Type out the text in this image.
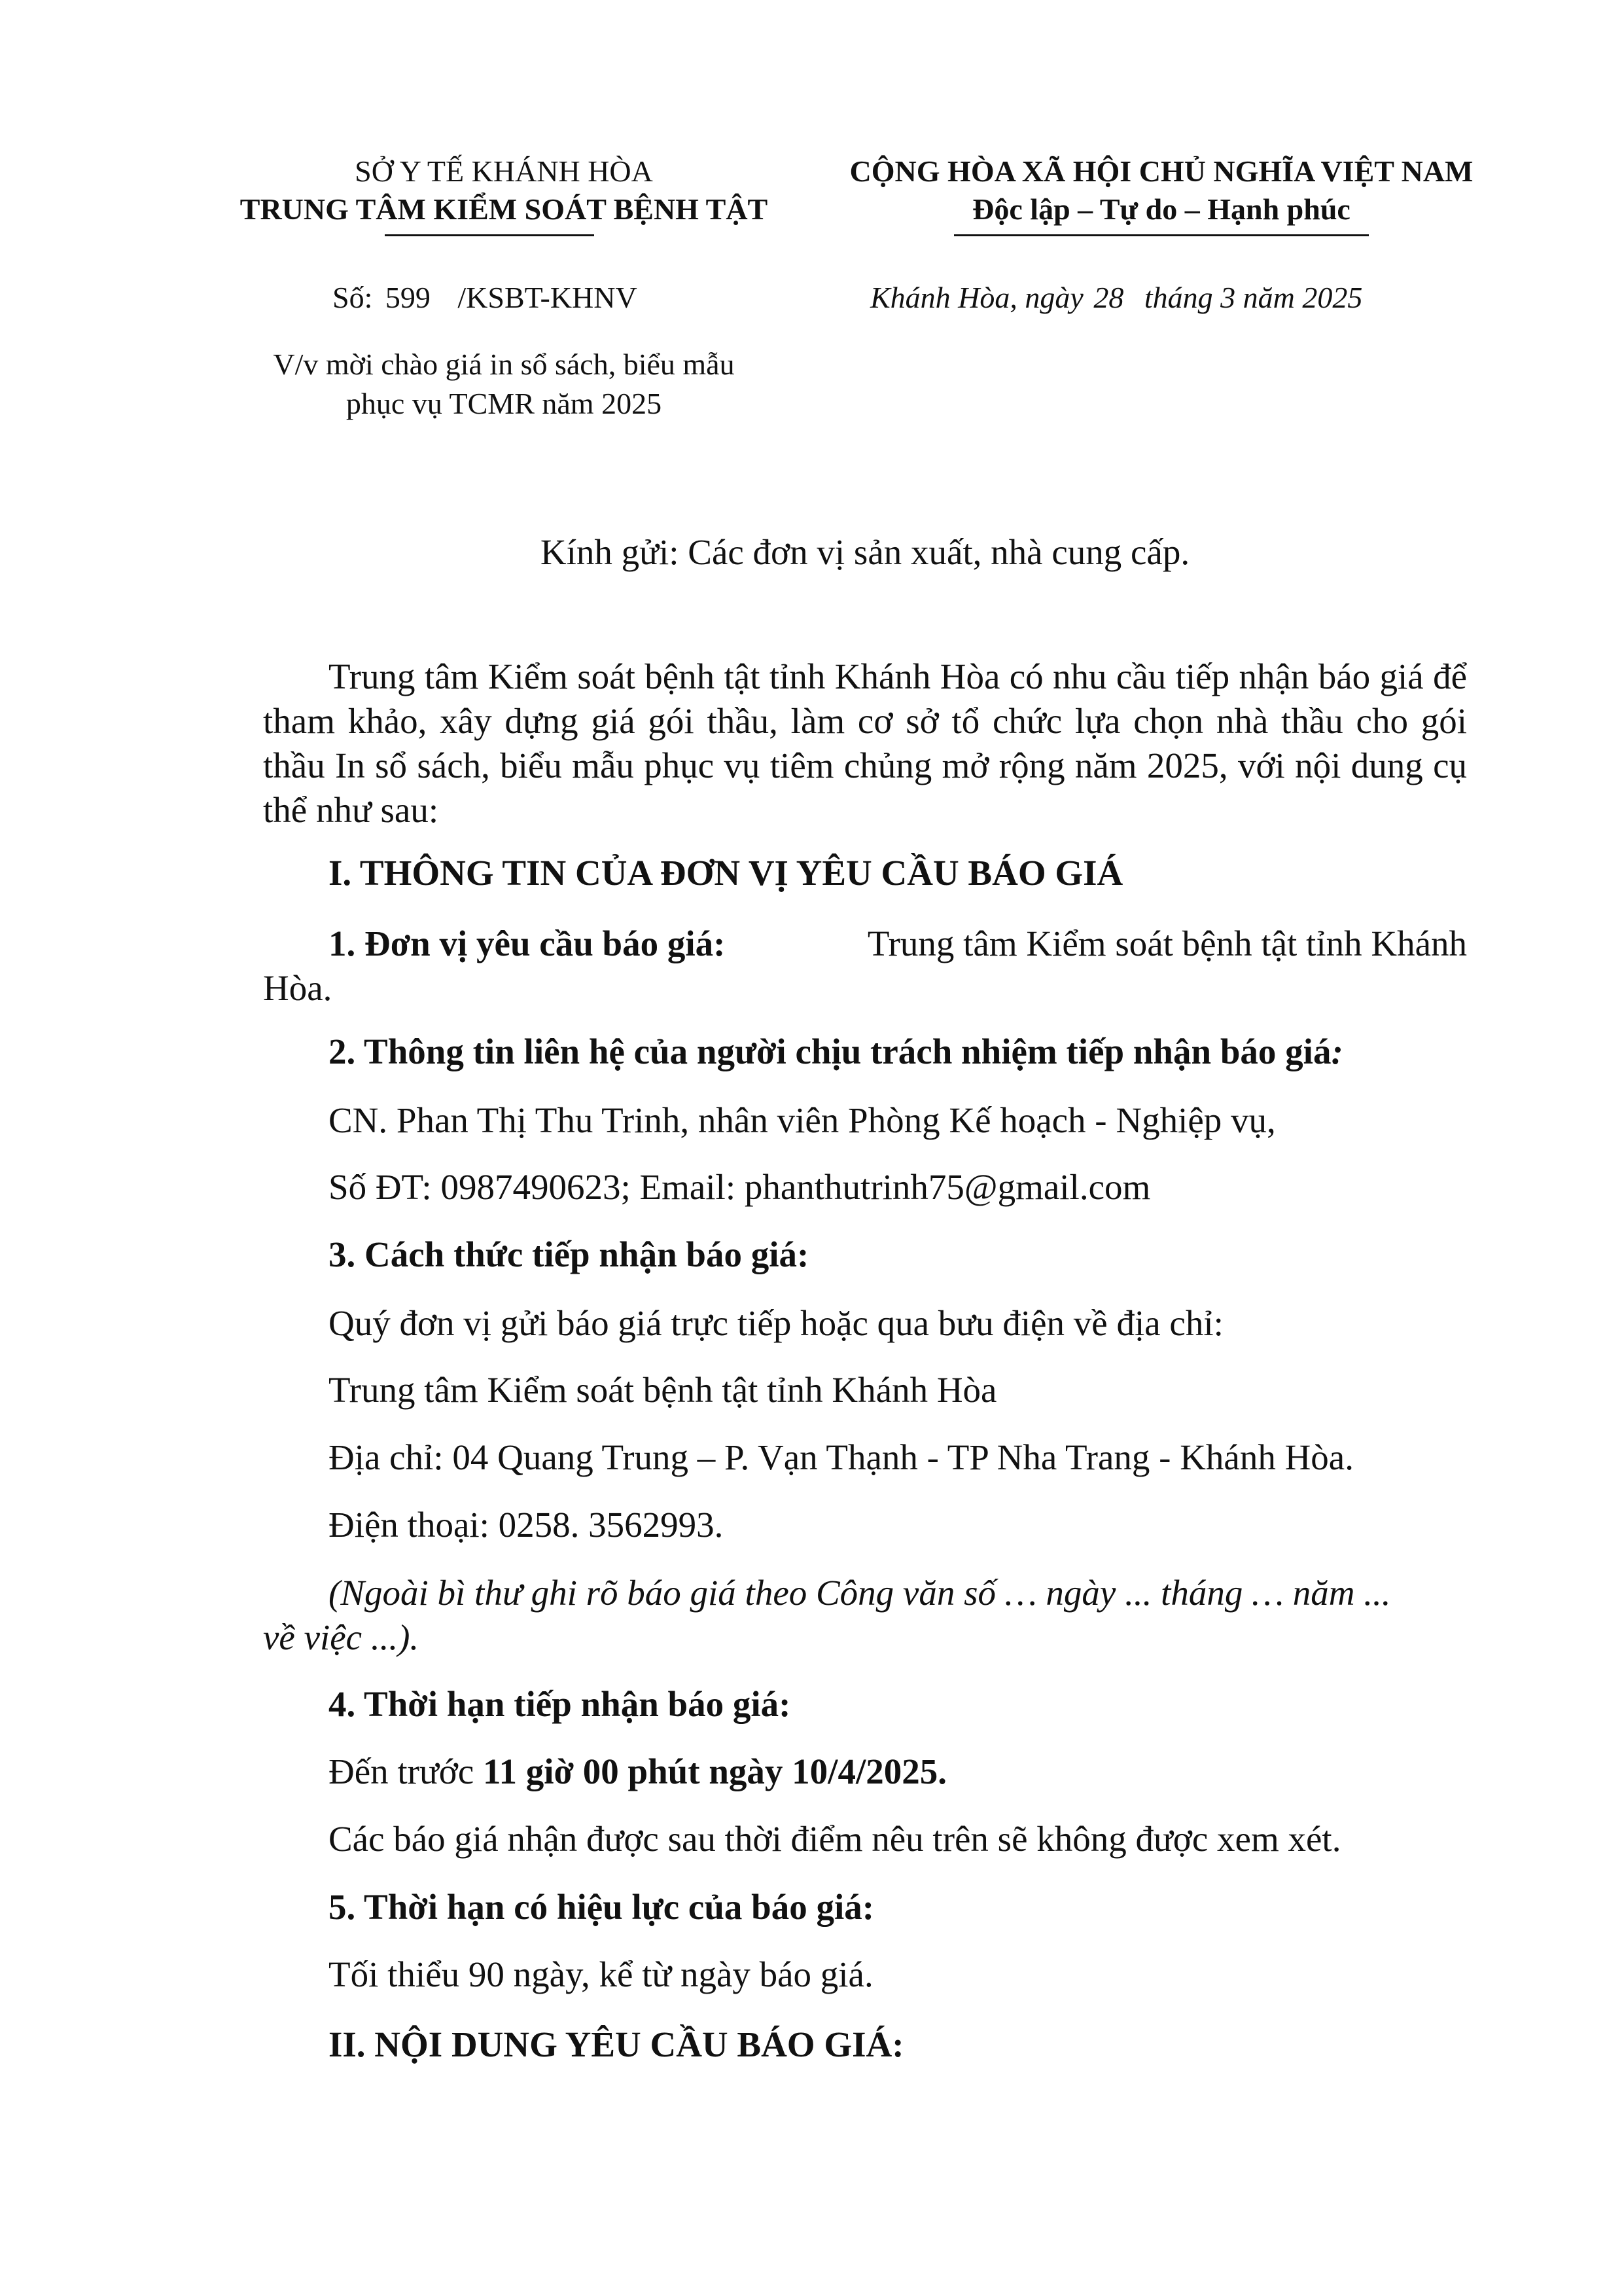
SỞ Y TẾ KHÁNH HÒA
TRUNG TÂM KIỂM SOÁT BỆNH TẬT
CỘNG HÒA XÃ HỘI CHỦ NGHĨA VIỆT NAM
Độc lập – Tự do – Hạnh phúc
Số: 599 /KSBT-KHNV	Khánh Hòa, ngày 28 tháng 3 năm 2025
V/v mời chào giá in sổ sách, biểu mẫu
phục vụ TCMR năm 2025
Kính gửi: Các đơn vị sản xuất, nhà cung cấp.
Trung tâm Kiểm soát bệnh tật tỉnh Khánh Hòa có nhu cầu tiếp nhận báo giá để tham khảo, xây dựng giá gói thầu, làm cơ sở tổ chức lựa chọn nhà thầu cho gói thầu In sổ sách, biểu mẫu phục vụ tiêm chủng mở rộng năm 2025, với nội dung cụ thể như sau:
I. THÔNG TIN CỦA ĐƠN VỊ YÊU CẦU BÁO GIÁ
1. Đơn vị yêu cầu báo giá:	Trung tâm Kiểm soát bệnh tật tỉnh Khánh
Hòa.
2. Thông tin liên hệ của người chịu trách nhiệm tiếp nhận báo giá:
CN. Phan Thị Thu Trinh, nhân viên Phòng Kế hoạch - Nghiệp vụ,
Số ĐT: 0987490623; Email: phanthutrinh75@gmail.com
3. Cách thức tiếp nhận báo giá:
Quý đơn vị gửi báo giá trực tiếp hoặc qua bưu điện về địa chỉ:
Trung tâm Kiểm soát bệnh tật tỉnh Khánh Hòa
Địa chỉ: 04 Quang Trung – P. Vạn Thạnh - TP Nha Trang - Khánh Hòa.
Điện thoại: 0258. 3562993.
(Ngoài bì thư ghi rõ báo giá theo Công văn số … ngày ... tháng … năm ...
về việc ...).
4. Thời hạn tiếp nhận báo giá:
Đến trước 11 giờ 00 phút ngày 10/4/2025.
Các báo giá nhận được sau thời điểm nêu trên sẽ không được xem xét.
5. Thời hạn có hiệu lực của báo giá:
Tối thiểu 90 ngày, kể từ ngày báo giá.
II. NỘI DUNG YÊU CẦU BÁO GIÁ:
